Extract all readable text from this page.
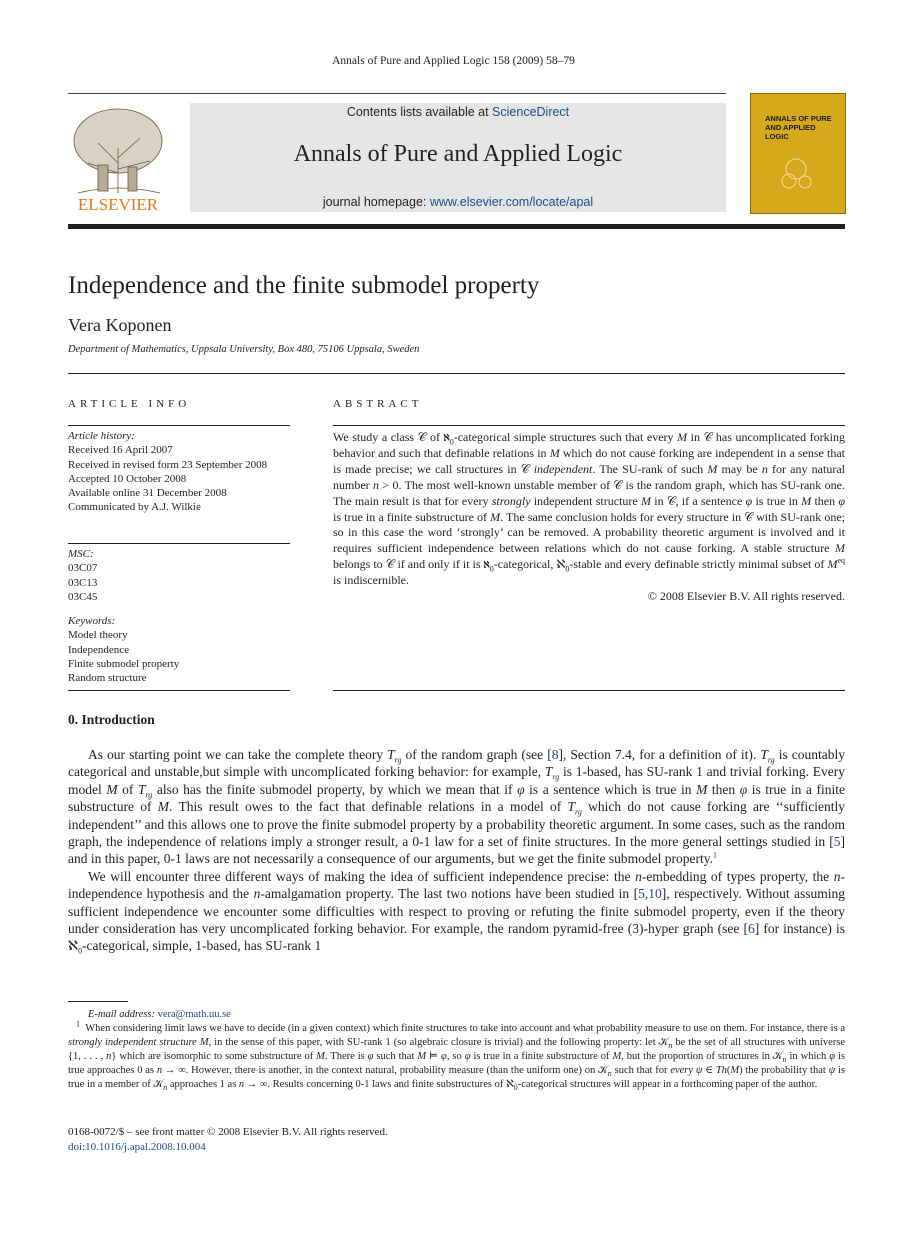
Annals of Pure and Applied Logic 158 (2009) 58–79
ELSEVIER
Contents lists available at ScienceDirect
Annals of Pure and Applied Logic
journal homepage: www.elsevier.com/locate/apal
ANNALS OF PURE AND APPLIED LOGIC
Independence and the finite submodel property
Vera Koponen
Department of Mathematics, Uppsala University, Box 480, 75106 Uppsala, Sweden
ARTICLE INFO
Article history:
Received 16 April 2007
Received in revised form 23 September 2008
Accepted 10 October 2008
Available online 31 December 2008
Communicated by A.J. Wilkie
MSC:
03C07
03C13
03C45
Keywords:
Model theory
Independence
Finite submodel property
Random structure
ABSTRACT
We study a class 𝒞 of ℵ$_0$-categorical simple structures such that every M in 𝒞 has uncomplicated forking behavior and such that definable relations in M which do not cause forking are independent in a sense that is made precise; we call structures in 𝒞 independent. The SU-rank of such M may be n for any natural number n > 0. The most well-known unstable member of 𝒞 is the random graph, which has SU-rank one. The main result is that for every strongly independent structure M in 𝒞, if a sentence φ is true in M then φ is true in a finite substructure of M. The same conclusion holds for every structure in 𝒞 with SU-rank one; so in this case the word ‘strongly’ can be removed. A probability theoretic argument is involved and it requires sufficient independence between relations which do not cause forking. A stable structure M belongs to 𝒞 if and only if it is ℵ$_0$-categorical, ℵ$_0$-stable and every definable strictly minimal subset of $M^{eq}$ is indiscernible.
© 2008 Elsevier B.V. All rights reserved.
0. Introduction

As our starting point we can take the complete theory $T_{rg}$ of the random graph (see [8], Section 7.4, for a definition of it). $T_{rg}$ is countably categorical and unstable,but simple with uncomplicated forking behavior: for example, $T_{rg}$ is 1-based, has SU-rank 1 and trivial forking. Every model M of $T_{rg}$ also has the finite submodel property, by which we mean that if φ is a sentence which is true in M then φ is true in a finite substructure of M. This result owes to the fact that definable relations in a model of $T_{rg}$ which do not cause forking are ‘‘sufficiently independent’’ and this allows one to prove the finite submodel property by a probability theoretic argument. In some cases, such as the random graph, the independence of relations imply a stronger result, a 0-1 law for a set of finite structures. In the more general settings studied in [5] and in this paper, 0-1 laws are not necessarily a consequence of our arguments, but we get the finite submodel property.$^1$

We will encounter three different ways of making the idea of sufficient independence precise: the n-embedding of types property, the n-independence hypothesis and the n-amalgamation property. The last two notions have been studied in [5,10], respectively. Without assuming sufficient independence we encounter some difficulties with respect to proving or refuting the finite submodel property, even if the theory under consideration has very uncomplicated forking behavior. For example, the random pyramid-free (3)-hyper graph (see [6] for instance) is ℵ$_0$-categorical, simple, 1-based, has SU-rank 1

E-mail address: vera@math.uu.se

$^1$  When considering limit laws we have to decide (in a given context) which finite structures to take into account and what probability measure to use on them. For instance, there is a strongly independent structure M, in the sense of this paper, with SU-rank 1 (so algebraic closure is trivial) and the following property: let 𝒦$_n$ be the set of all structures with universe {1, . . . , n} which are isomorphic to some substructure of M. There is φ such that M ⊨ φ, so φ is true in a finite substructure of M, but the proportion of structures in 𝒦$_n$ in which φ is true approaches 0 as n → ∞. However, there is another, in the context natural, probability measure (than the uniform one) on 𝒦$_n$ such that for every ψ ∈ Th(M) the probability that ψ is true in a member of 𝒦$_n$ approaches 1 as n → ∞. Results concerning 0-1 laws and finite substructures of ℵ$_0$-categorical structures will appear in a forthcoming paper of the author.

0168-0072/$ – see front matter © 2008 Elsevier B.V. All rights reserved.
doi:10.1016/j.apal.2008.10.004
